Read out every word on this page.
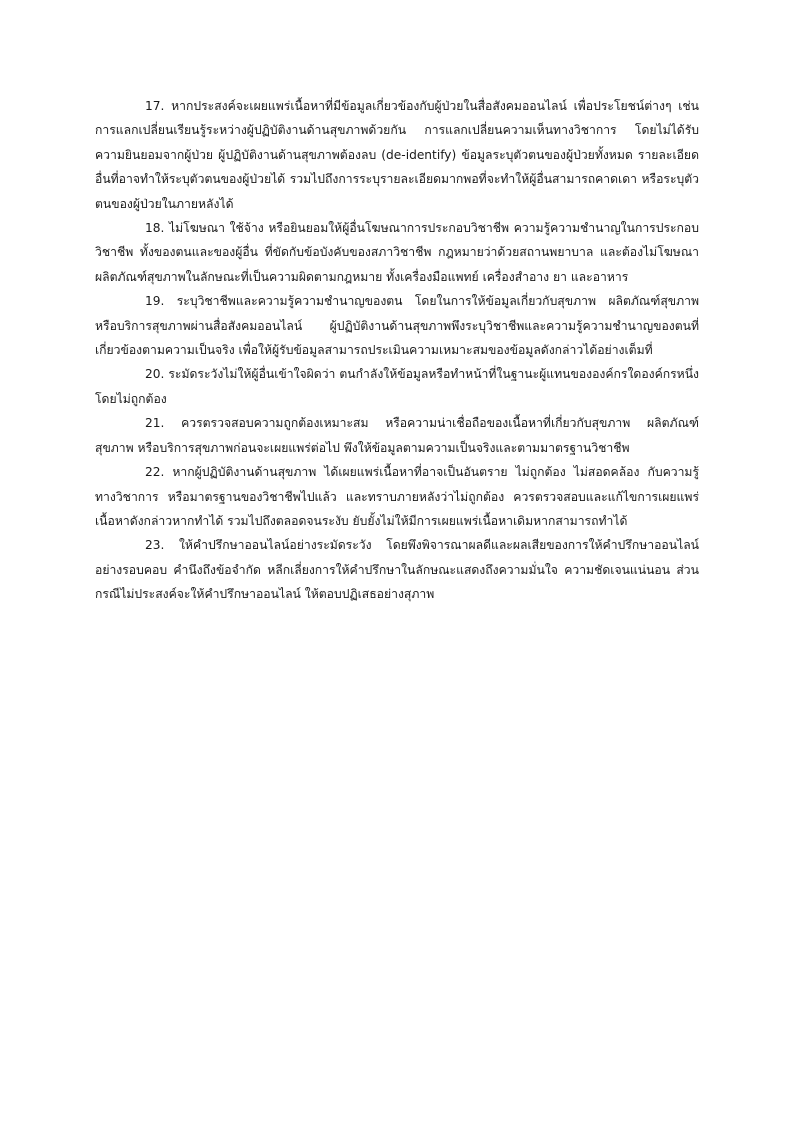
17. หากประสงค์จะเผยแพร่เนื้อหาที่มีข้อมูลเกี่ยวข้องกับผู้ป่วยในสื่อสังคมออนไลน์ เพื่อประโยชน์ต่างๆ เช่น การแลกเปลี่ยนเรียนรู้ระหว่างผู้ปฏิบัติงานด้านสุขภาพด้วยกัน การแลกเปลี่ยนความเห็นทางวิชาการ โดยไม่ได้รับความยินยอมจากผู้ป่วย ผู้ปฏิบัติงานด้านสุขภาพต้องลบ (de-identify) ข้อมูลระบุตัวตนของผู้ป่วยทั้งหมด รายละเอียดอื่นที่อาจทำให้ระบุตัวตนของผู้ป่วยได้ รวมไปถึงการระบุรายละเอียดมากพอที่จะทำให้ผู้อื่นสามารถคาดเดา หรือระบุตัวตนของผู้ป่วยในภายหลังได้

18. ไม่โฆษณา ใช้จ้าง หรือยินยอมให้ผู้อื่นโฆษณาการประกอบวิชาชีพ ความรู้ความชำนาญในการประกอบวิชาชีพ ทั้งของตนและของผู้อื่น ที่ขัดกับข้อบังคับของสภาวิชาชีพ กฎหมายว่าด้วยสถานพยาบาล และต้องไม่โฆษณาผลิตภัณฑ์สุขภาพในลักษณะที่เป็นความผิดตามกฎหมาย ทั้งเครื่องมือแพทย์ เครื่องสำอาง ยา และอาหาร

19. ระบุวิชาชีพและความรู้ความชำนาญของตน โดยในการให้ข้อมูลเกี่ยวกับสุขภาพ ผลิตภัณฑ์สุขภาพ หรือบริการสุขภาพผ่านสื่อสังคมออนไลน์ ผู้ปฏิบัติงานด้านสุขภาพพึงระบุวิชาชีพและความรู้ความชำนาญของตนที่เกี่ยวข้องตามความเป็นจริง เพื่อให้ผู้รับข้อมูลสามารถประเมินความเหมาะสมของข้อมูลดังกล่าวได้อย่างเต็มที่

20. ระมัดระวังไม่ให้ผู้อื่นเข้าใจผิดว่า ตนกำลังให้ข้อมูลหรือทำหน้าที่ในฐานะผู้แทนขององค์กรใดองค์กรหนึ่งโดยไม่ถูกต้อง

21. ควรตรวจสอบความถูกต้องเหมาะสม หรือความน่าเชื่อถือของเนื้อหาที่เกี่ยวกับสุขภาพ ผลิตภัณฑ์สุขภาพ หรือบริการสุขภาพก่อนจะเผยแพร่ต่อไป พึงให้ข้อมูลตามความเป็นจริงและตามมาตรฐานวิชาชีพ

22. หากผู้ปฏิบัติงานด้านสุขภาพ ได้เผยแพร่เนื้อหาที่อาจเป็นอันตราย ไม่ถูกต้อง ไม่สอดคล้อง กับความรู้ทางวิชาการ หรือมาตรฐานของวิชาชีพไปแล้ว และทราบภายหลังว่าไม่ถูกต้อง ควรตรวจสอบและแก้ไขการเผยแพร่เนื้อหาดังกล่าวหากทำได้ รวมไปถึงตลอดจนระงับ ยับยั้งไม่ให้มีการเผยแพร่เนื้อหาเดิมหากสามารถทำได้

23. ให้คำปรึกษาออนไลน์อย่างระมัดระวัง โดยพึงพิจารณาผลดีและผลเสียของการให้คำปรึกษาออนไลน์อย่างรอบคอบ คำนึงถึงข้อจำกัด หลีกเลี่ยงการให้คำปรึกษาในลักษณะแสดงถึงความมั่นใจ ความชัดเจนแน่นอน ส่วนกรณีไม่ประสงค์จะให้คำปรึกษาออนไลน์ ให้ตอบปฏิเสธอย่างสุภาพ
